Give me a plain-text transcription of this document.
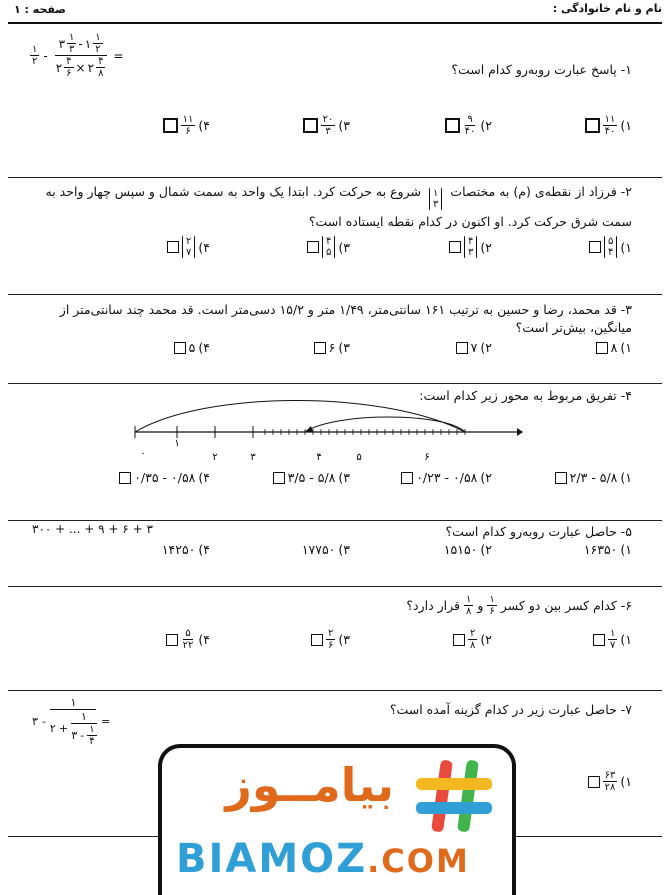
نام و نام خانوادگی :
صفحه : ۱
۱- پاسخ عبارت روبه‌رو کدام است؟
$\frac{۱}{۲}$ -
۳ $\frac{۱}{۳}$ - ۱ $\frac{۱}{۲}$
۲ $\frac{۴}{۶}$ × ۲ $\frac{۴}{۸}$
=
۱)
$\frac{۱۱}{۴۰}$
۲)
$\frac{۹}{۴۰}$
۳)
$\frac{۲۰}{۳}$
۴)
$\frac{۱۱}{۶}$
۲- فرزاد از نقطه‌ی (م) به مختصات
۱
۳
شروع به حرکت کرد. ابتدا یک واحد به سمت شمال و سپس چهار واحد به
سمت شرق حرکت کرد. او اکنون در کدام نقطه ایستاده است؟
۱)
۵
۴
۲)
۴
۳
۳)
۴
۵
۴)
۲
۷
۳- قد محمد، رضا و حسین به ترتیب ۱۶۱ سانتی‌متر، ۱/۴۹ متر و ۱۵/۲ دسی‌متر است. قد محمد چند سانتی‌متر از
میانگین، بیش‌تر است؟
۱)
۸
۲)
۷
۳)
۶
۴)
۵
۴- تفریق مربوط به محور زیر کدام است:
۰
۱
۲	۳	۴	۵	۶
۱)
۵/۸ - ۲/۳
۲)
۰/۵۸ - ۰/۲۳
۳)
۵/۸ - ۳/۵
۴)
۰/۵۸ - ۰/۳۵
۵- حاصل عبارت روبه‌رو کدام است؟
۳ + ۶ + ۹ + ... + ۳۰۰
۱)
۱۶۳۵۰
۲)
۱۵۱۵۰
۳)
۱۷۷۵۰
۴)
۱۴۲۵۰
۶- کدام کسر بین دو کسر
$\frac{۱}{۶}$
و
$\frac{۱}{۸}$
قرار دارد؟
۱)
$\frac{۱}{۷}$
۲)
$\frac{۲}{۸}$
۳)
$\frac{۲}{۶}$
۴)
$\frac{۵}{۲۲}$
۷- حاصل عبارت زیر در کدام گزینه آمده است؟
۳ -
۱
۲ +
۱
۳ - $\frac{۱}{۴}$
=
۱)
$\frac{۶۳}{۲۸}$
بیامــوز
BIAMOZ.COM
